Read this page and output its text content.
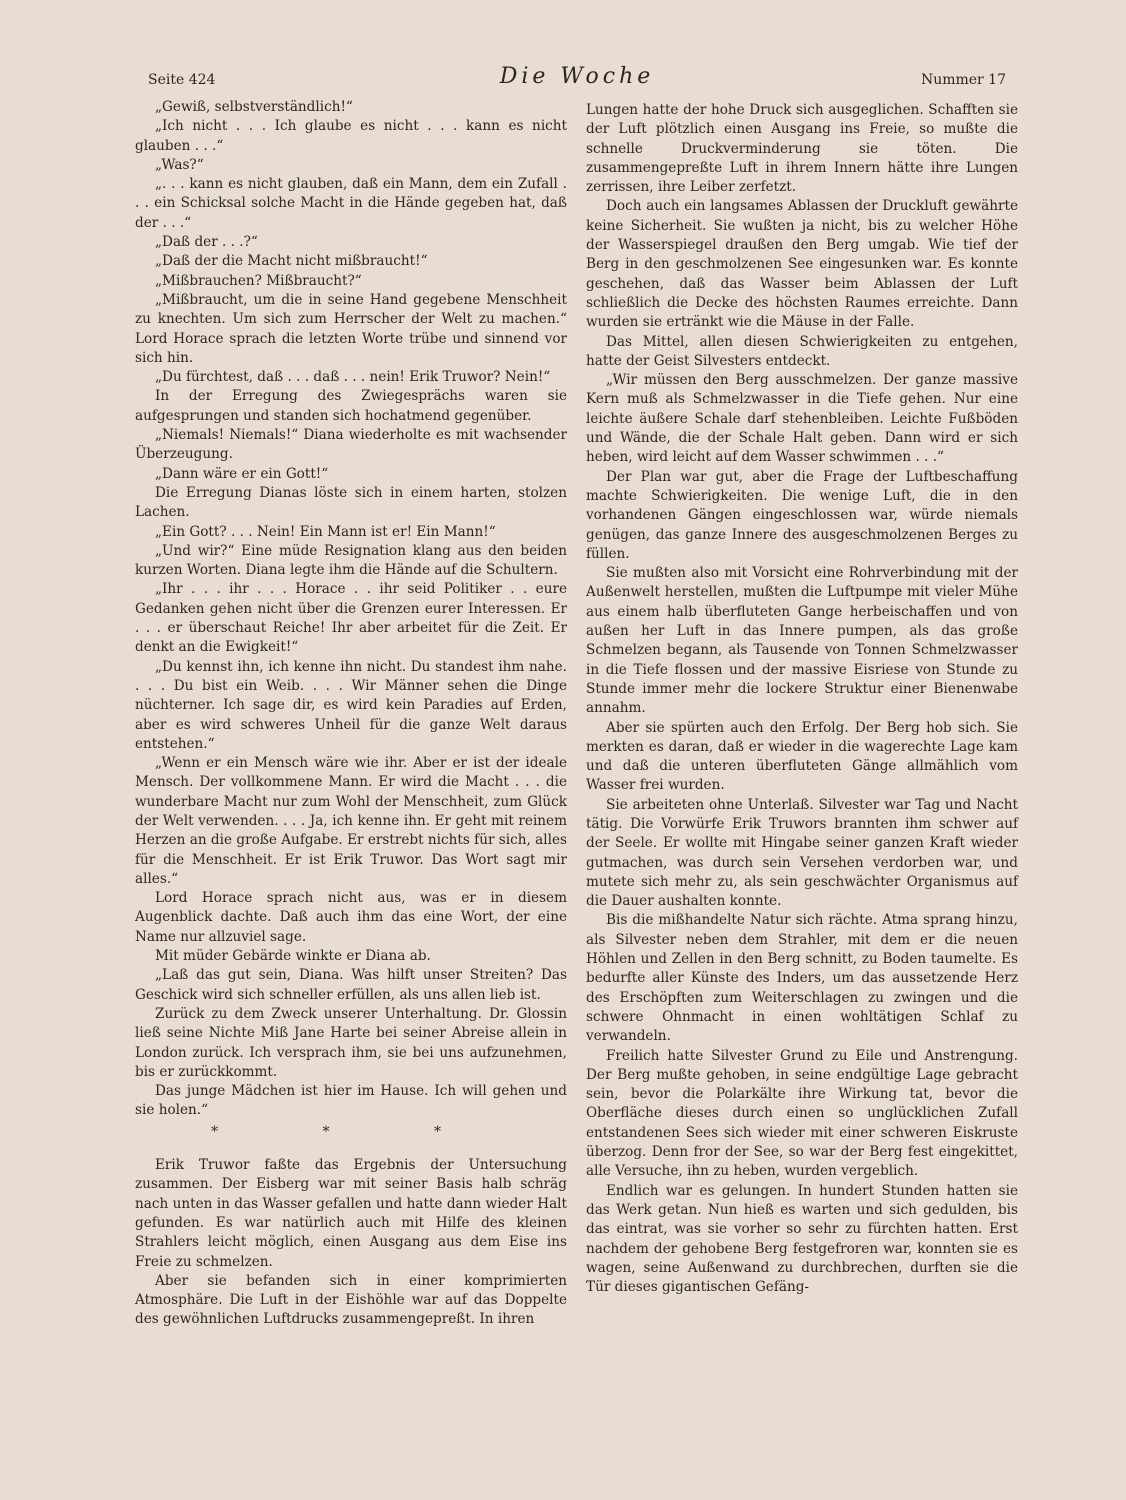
Seite 424	Die Woche	Nummer 17

„Gewiß, selbstverständlich!“

„Ich nicht . . . Ich glaube es nicht . . . kann es nicht glauben . . .“

„Was?“

„. . . kann es nicht glauben, daß ein Mann, dem ein Zufall . . . ein Schicksal solche Macht in die Hände gegeben hat, daß der . . .“

„Daß der . . .?“

„Daß der die Macht nicht mißbraucht!“

„Mißbrauchen? Mißbraucht?“

„Mißbraucht, um die in seine Hand gegebene Menschheit zu knechten. Um sich zum Herrscher der Welt zu machen.“ Lord Horace sprach die letzten Worte trübe und sinnend vor sich hin.

„Du fürchtest, daß . . . daß . . . nein! Erik Truwor? Nein!“

In der Erregung des Zwiegesprächs waren sie aufgesprungen und standen sich hochatmend gegenüber.

„Niemals! Niemals!“ Diana wiederholte es mit wachsender Überzeugung.

„Dann wäre er ein Gott!“

Die Erregung Dianas löste sich in einem harten, stolzen Lachen.

„Ein Gott? . . . Nein! Ein Mann ist er! Ein Mann!“

„Und wir?“ Eine müde Resignation klang aus den beiden kurzen Worten. Diana legte ihm die Hände auf die Schultern.

„Ihr . . . ihr . . . Horace . . ihr seid Politiker . . eure Gedanken gehen nicht über die Grenzen eurer Interessen. Er . . . er überschaut Reiche! Ihr aber arbeitet für die Zeit. Er denkt an die Ewigkeit!“

„Du kennst ihn, ich kenne ihn nicht. Du standest ihm nahe. . . . Du bist ein Weib. . . . Wir Männer sehen die Dinge nüchterner. Ich sage dir, es wird kein Paradies auf Erden, aber es wird schweres Unheil für die ganze Welt daraus entstehen.“

„Wenn er ein Mensch wäre wie ihr. Aber er ist der ideale Mensch. Der vollkommene Mann. Er wird die Macht . . . die wunderbare Macht nur zum Wohl der Menschheit, zum Glück der Welt verwenden. . . . Ja, ich kenne ihn. Er geht mit reinem Herzen an die große Aufgabe. Er erstrebt nichts für sich, alles für die Menschheit. Er ist Erik Truwor. Das Wort sagt mir alles.“

Lord Horace sprach nicht aus, was er in diesem Augenblick dachte. Daß auch ihm das eine Wort, der eine Name nur allzuviel sage.

Mit müder Gebärde winkte er Diana ab.

„Laß das gut sein, Diana. Was hilft unser Streiten? Das Geschick wird sich schneller erfüllen, als uns allen lieb ist.

Zurück zu dem Zweck unserer Unterhaltung. Dr. Glossin ließ seine Nichte Miß Jane Harte bei seiner Abreise allein in London zurück. Ich versprach ihm, sie bei uns aufzunehmen, bis er zurückkommt.

Das junge Mädchen ist hier im Hause. Ich will gehen und sie holen.“

* * *

Erik Truwor faßte das Ergebnis der Untersuchung zusammen. Der Eisberg war mit seiner Basis halb schräg nach unten in das Wasser gefallen und hatte dann wieder Halt gefunden. Es war natürlich auch mit Hilfe des kleinen Strahlers leicht möglich, einen Ausgang aus dem Eise ins Freie zu schmelzen.

Aber sie befanden sich in einer komprimierten Atmosphäre. Die Luft in der Eishöhle war auf das Doppelte des gewöhnlichen Luftdrucks zusammengepreßt. In ihren

Lungen hatte der hohe Druck sich ausgeglichen. Schafften sie der Luft plötzlich einen Ausgang ins Freie, so mußte die schnelle Druckverminderung sie töten. Die zusammengepreßte Luft in ihrem Innern hätte ihre Lungen zerrissen, ihre Leiber zerfetzt.

Doch auch ein langsames Ablassen der Druckluft gewährte keine Sicherheit. Sie wußten ja nicht, bis zu welcher Höhe der Wasserspiegel draußen den Berg umgab. Wie tief der Berg in den geschmolzenen See eingesunken war. Es konnte geschehen, daß das Wasser beim Ablassen der Luft schließlich die Decke des höchsten Raumes erreichte. Dann wurden sie ertränkt wie die Mäuse in der Falle.

Das Mittel, allen diesen Schwierigkeiten zu entgehen, hatte der Geist Silvesters entdeckt.

„Wir müssen den Berg ausschmelzen. Der ganze massive Kern muß als Schmelzwasser in die Tiefe gehen. Nur eine leichte äußere Schale darf stehenbleiben. Leichte Fußböden und Wände, die der Schale Halt geben. Dann wird er sich heben, wird leicht auf dem Wasser schwimmen . . .“

Der Plan war gut, aber die Frage der Luftbeschaffung machte Schwierigkeiten. Die wenige Luft, die in den vorhandenen Gängen eingeschlossen war, würde niemals genügen, das ganze Innere des ausgeschmolzenen Berges zu füllen.

Sie mußten also mit Vorsicht eine Rohrverbindung mit der Außenwelt herstellen, mußten die Luftpumpe mit vieler Mühe aus einem halb überfluteten Gange herbeischaffen und von außen her Luft in das Innere pumpen, als das große Schmelzen begann, als Tausende von Tonnen Schmelzwasser in die Tiefe flossen und der massive Eisriese von Stunde zu Stunde immer mehr die lockere Struktur einer Bienenwabe annahm.

Aber sie spürten auch den Erfolg. Der Berg hob sich. Sie merkten es daran, daß er wieder in die wagerechte Lage kam und daß die unteren überfluteten Gänge allmählich vom Wasser frei wurden.

Sie arbeiteten ohne Unterlaß. Silvester war Tag und Nacht tätig. Die Vorwürfe Erik Truwors brannten ihm schwer auf der Seele. Er wollte mit Hingabe seiner ganzen Kraft wieder gutmachen, was durch sein Versehen verdorben war, und mutete sich mehr zu, als sein geschwächter Organismus auf die Dauer aushalten konnte.

Bis die mißhandelte Natur sich rächte. Atma sprang hinzu, als Silvester neben dem Strahler, mit dem er die neuen Höhlen und Zellen in den Berg schnitt, zu Boden taumelte. Es bedurfte aller Künste des Inders, um das aussetzende Herz des Erschöpften zum Weiterschlagen zu zwingen und die schwere Ohnmacht in einen wohltätigen Schlaf zu verwandeln.

Freilich hatte Silvester Grund zu Eile und Anstrengung. Der Berg mußte gehoben, in seine endgültige Lage gebracht sein, bevor die Polarkälte ihre Wirkung tat, bevor die Oberfläche dieses durch einen so unglücklichen Zufall entstandenen Sees sich wieder mit einer schweren Eiskruste überzog. Denn fror der See, so war der Berg fest eingekittet, alle Versuche, ihn zu heben, wurden vergeblich.

Endlich war es gelungen. In hundert Stunden hatten sie das Werk getan. Nun hieß es warten und sich gedulden, bis das eintrat, was sie vorher so sehr zu fürchten hatten. Erst nachdem der gehobene Berg festgefroren war, konnten sie es wagen, seine Außenwand zu durchbrechen, durften sie die Tür dieses gigantischen Gefäng-
